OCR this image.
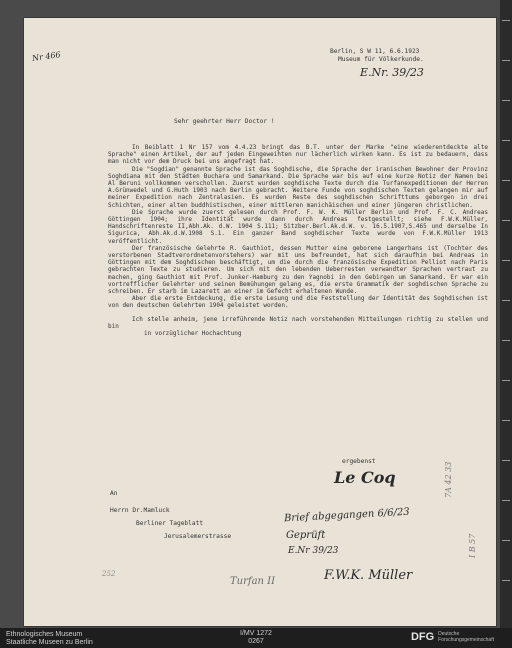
Nr 466	Berlin, S W 11, 6.6.1923
Museum für Völkerkunde.
E.Nr. 39/23
Sehr geehrter Herr Doctor !

In Beiblatt 1 Nr 157 vom 4.4.23 bringt das B.T. unter der Marke "eine wiederentdeckte alte Sprache" einen Artikel, der auf jeden Eingeweihten nur lächerlich wirken kann. Es ist zu bedauern, dass man nicht vor dem Druck bei uns angefragt hat.

Die "Sogdian" genannte Sprache ist das Soghdische, die Sprache der iranischen Bewohner der Provinz Soghdiana mit den Städten Buchara und Samarkand. Die Sprache war bis auf eine kurze Notiz der Namen bei Al Beruni vollkommen verschollen. Zuerst wurden soghdische Texte durch die Turfanexpeditionen der Herren A.Grünwedel und G.Huth 1903 nach Berlin gebracht. Weitere Funde von soghdischen Texten gelangen mir auf meiner Expedition nach Zentralasien. Es wurden Reste des soghdischen Schrifttums geborgen in drei Schichten, einer alten buddhistischen, einer mittleren manichäischen und einer jüngeren christlichen.

Die Sprache wurde zuerst gelesen durch Prof. F. W. K. Müller Berlin und Prof. F. C. Andreas Göttingen 1904; ihre Identität wurde dann durch Andreas festgestellt; siehe F.W.K.Müller, Handschriftenreste II,Abh.Ak. d.W. 1904 S.111; Sitzber.Berl.Ak.d.W. v. 16.5.1907,S.465 und derselbe In Sigurica, Abh.Ak.d.W.1908 S.1. Ein ganzer Band soghdischer Texte wurde von F.W.K.Müller 1913 veröffentlicht.

Der französische Gelehrte R. Gauthiot, dessen Mutter eine geborene Langerhans ist (Tochter des verstorbenen Stadtverordnetenvorstehers) war mit uns befreundet, hat sich daraufhin bei Andreas in Göttingen mit dem Soghdischen beschäftigt, um die durch die französische Expedition Pelliot nach Paris gebrachten Texte zu studieren. Um sich mit den lebenden Ueberresten verwandter Sprachen vertraut zu machen, ging Gauthiot mit Prof. Junker-Hamburg zu den Yagnobi in den Gebirgen um Samarkand. Er war ein vortrefflicher Gelehrter und seinen Bemühungen gelang es, die erste Grammatik der soghdischen Sprache zu schreiben. Er starb im Lazarett an einer im Gefecht erhaltenen Wunde.

Aber die erste Entdeckung, die erste Lesung und die Feststellung der Identität des Soghdischen ist von den deutschen Gelehrten 1904 geleistet worden.

Ich stelle anheim, jene irreführende Notiz nach vorstehenden Mitteilungen richtig zu stellen und bin

in vorzüglicher Hochachtung

ergebenst
Le Coq
An
Herrn Dr.Mamluck
Berliner Tageblatt
Jerusalemerstrasse
Brief abgegangen 6/6/23
Geprüft
E.Nr 39/23
F.W.K. Müller
252
Turfan II
7A 42 33
I B 57
Ethnologisches Museum
Staatliche Museen zu Berlin
I/MV 1272
0267	DFG Deutsche
Forschungsgemeinschaft
